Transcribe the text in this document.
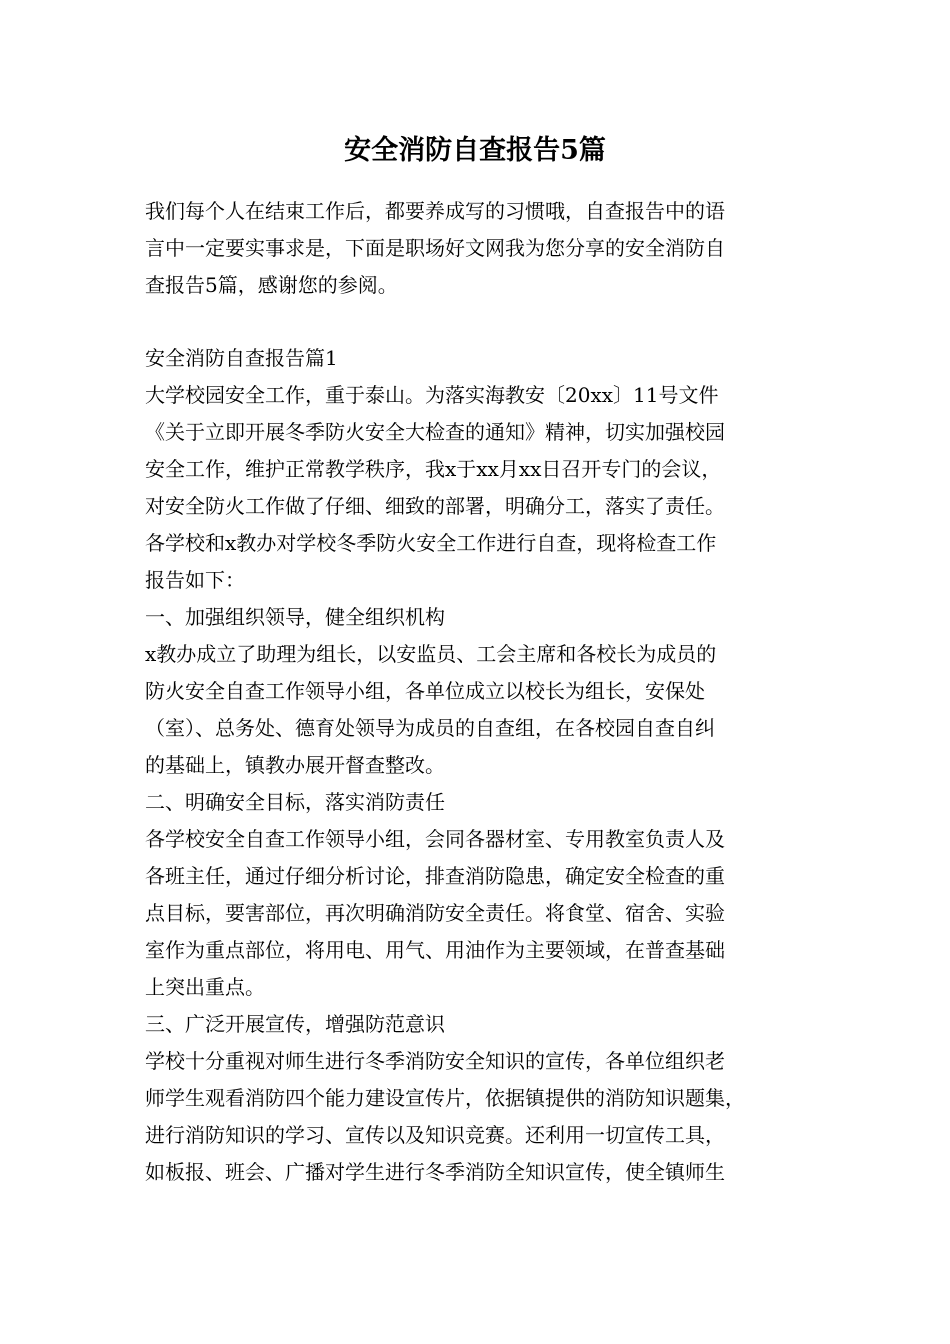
安全消防自查报告5篇
我们每个人在结束工作后，都要养成写的习惯哦，自查报告中的语
言中一定要实事求是，下面是职场好文网我为您分享的安全消防自
查报告5篇，感谢您的参阅。
安全消防自查报告篇1
大学校园安全工作，重于泰山。为落实海教安〔20xx〕11号文件
《关于立即开展冬季防火安全大检查的通知》精神，切实加强校园
安全工作，维护正常教学秩序，我x于xx月xx日召开专门的会议，
对安全防火工作做了仔细、细致的部署，明确分工，落实了责任。
各学校和x教办对学校冬季防火安全工作进行自查，现将检查工作
报告如下：
一、加强组织领导，健全组织机构
x教办成立了助理为组长，以安监员、工会主席和各校长为成员的
防火安全自查工作领导小组，各单位成立以校长为组长，安保处
（室）、总务处、德育处领导为成员的自查组，在各校园自查自纠
的基础上，镇教办展开督查整改。
二、明确安全目标，落实消防责任
各学校安全自查工作领导小组，会同各器材室、专用教室负责人及
各班主任，通过仔细分析讨论，排查消防隐患，确定安全检查的重
点目标，要害部位，再次明确消防安全责任。将食堂、宿舍、实验
室作为重点部位，将用电、用气、用油作为主要领域，在普查基础
上突出重点。
三、广泛开展宣传，增强防范意识
学校十分重视对师生进行冬季消防安全知识的宣传，各单位组织老
师学生观看消防四个能力建设宣传片，依据镇提供的消防知识题集，
进行消防知识的学习、宣传以及知识竞赛。还利用一切宣传工具，
如板报、班会、广播对学生进行冬季消防全知识宣传，使全镇师生
